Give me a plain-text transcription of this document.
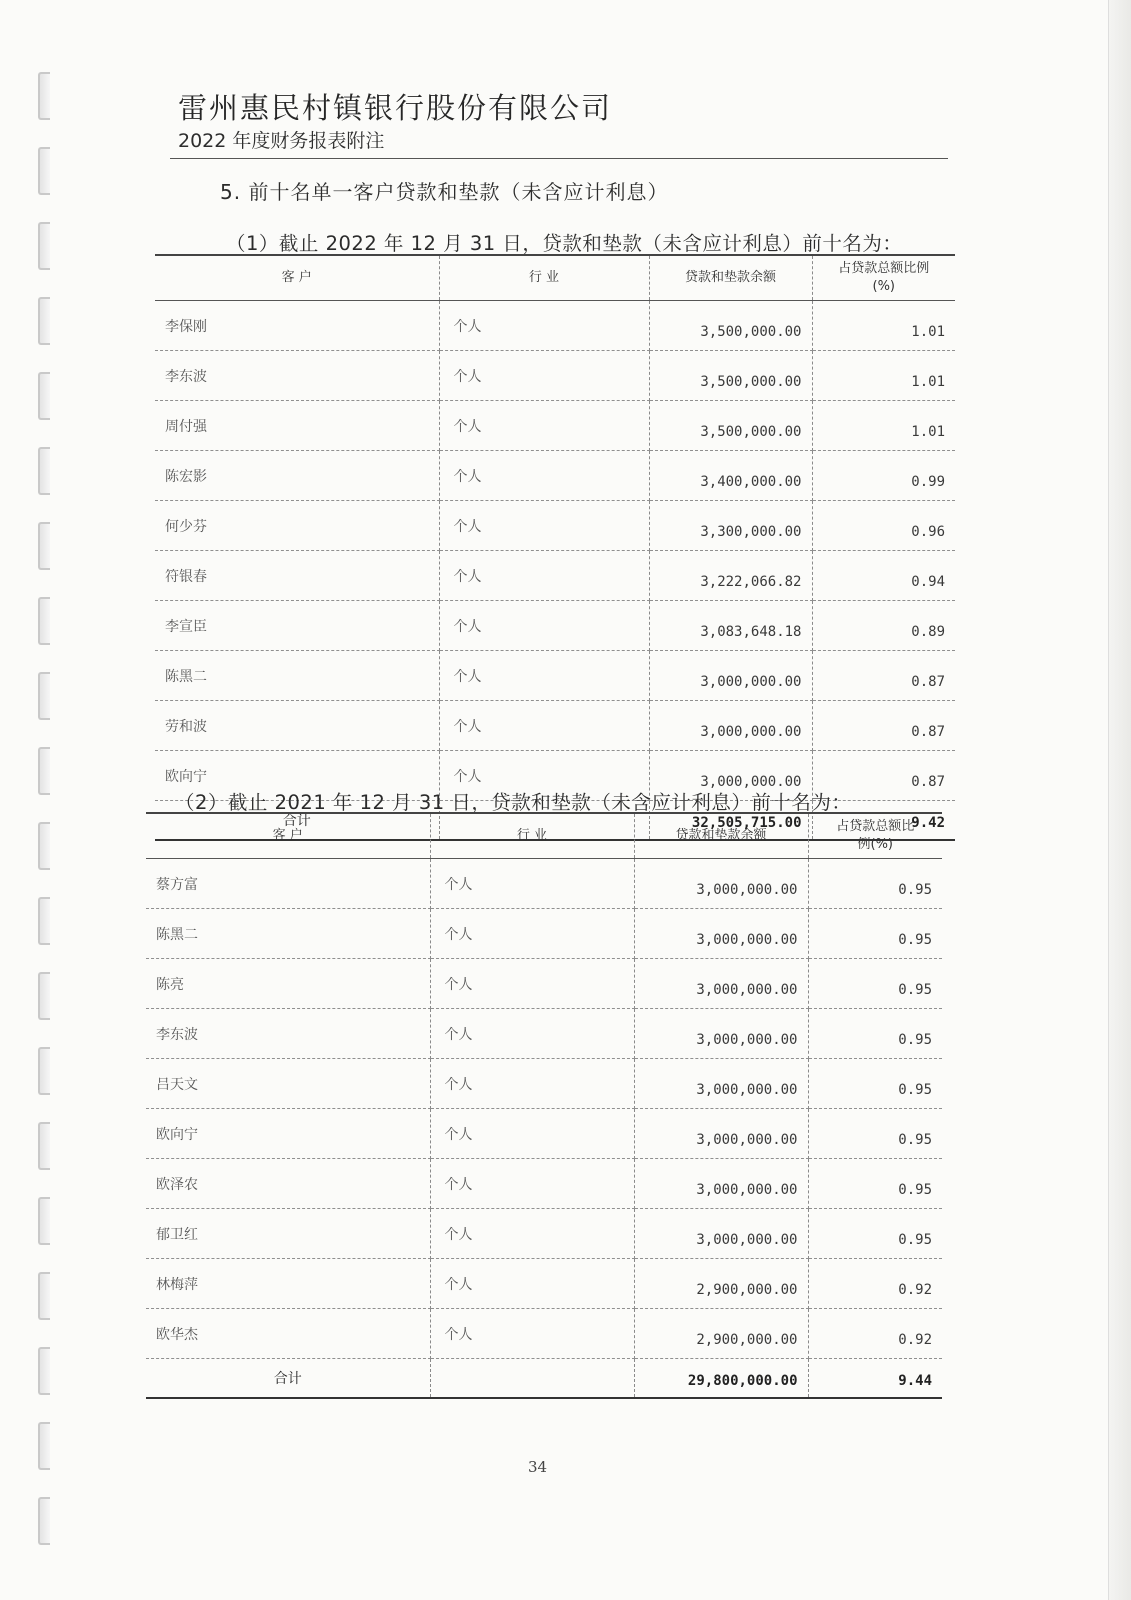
雷州惠民村镇银行股份有限公司
2022 年度财务报表附注
5. 前十名单一客户贷款和垫款（未含应计利息）
（1）截止 2022 年 12 月 31 日，贷款和垫款（未含应计利息）前十名为：
客 户	行 业	贷款和垫款余额	占贷款总额比例
(%)
李保刚	个人	3,500,000.00	1.01
李东波	个人	3,500,000.00	1.01
周付强	个人	3,500,000.00	1.01
陈宏影	个人	3,400,000.00	0.99
何少芬	个人	3,300,000.00	0.96
符银春	个人	3,222,066.82	0.94
李宣臣	个人	3,083,648.18	0.89
陈黑二	个人	3,000,000.00	0.87
劳和波	个人	3,000,000.00	0.87
欧向宁	个人	3,000,000.00	0.87
合计		32,505,715.00	9.42
（2）截止 2021 年 12 月 31 日，贷款和垫款（未含应计利息）前十名为：
客 户	行 业	贷款和垫款余额	占贷款总额比
例(%)
蔡方富	个人	3,000,000.00	0.95
陈黑二	个人	3,000,000.00	0.95
陈亮	个人	3,000,000.00	0.95
李东波	个人	3,000,000.00	0.95
吕天文	个人	3,000,000.00	0.95
欧向宁	个人	3,000,000.00	0.95
欧泽农	个人	3,000,000.00	0.95
郁卫红	个人	3,000,000.00	0.95
林梅萍	个人	2,900,000.00	0.92
欧华杰	个人	2,900,000.00	0.92
合计		29,800,000.00	9.44
34
